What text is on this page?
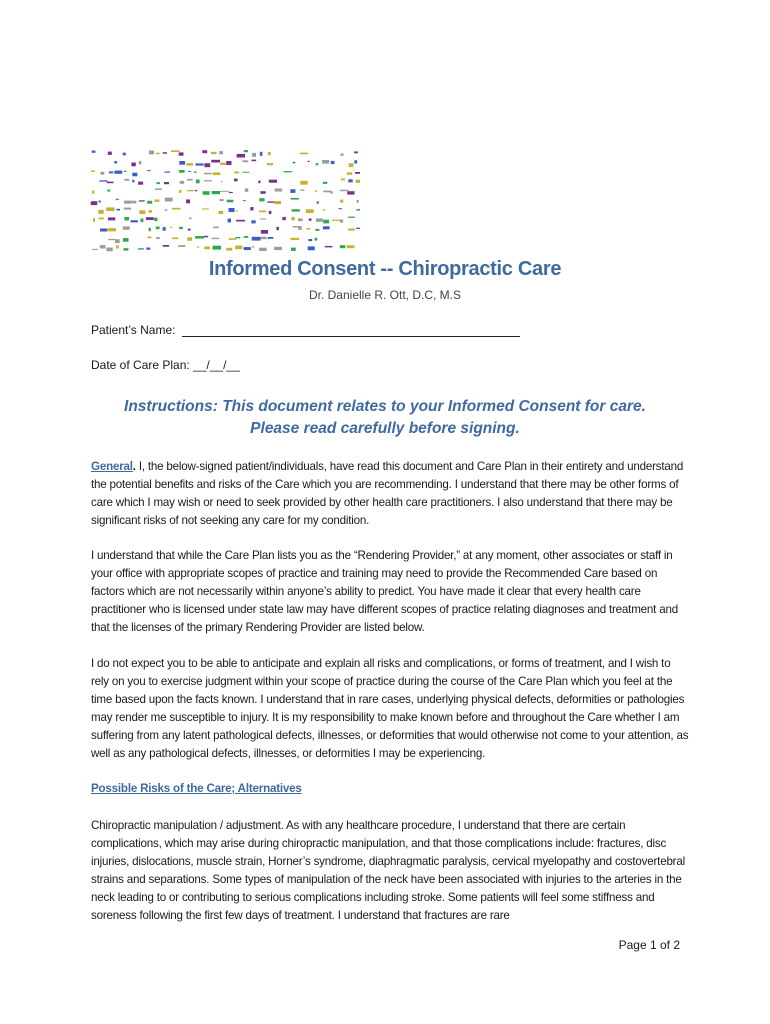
Informed Consent -- Chiropractic Care
Dr. Danielle R. Ott, D.C, M.S
Patient’s Name:
Date of Care Plan: __/__/__
Instructions: This document relates to your Informed Consent for care.
Please read carefully before signing.

General. I, the below-signed patient/individuals, have read this document and Care Plan in their entirety and understand the potential benefits and risks of the Care which you are recommending. I understand that there may be other forms of care which I may wish or need to seek provided by other health care practitioners. I also understand that there may be significant risks of not seeking any care for my condition.

I understand that while the Care Plan lists you as the “Rendering Provider,” at any moment, other associates or staff in your office with appropriate scopes of practice and training may need to provide the Recommended Care based on factors which are not necessarily within anyone’s ability to predict. You have made it clear that every health care practitioner who is licensed under state law may have different scopes of practice relating diagnoses and treatment and that the licenses of the primary Rendering Provider are listed below.

I do not expect you to be able to anticipate and explain all risks and complications, or forms of treatment, and I wish to rely on you to exercise judgment within your scope of practice during the course of the Care Plan which you feel at the time based upon the facts known. I understand that in rare cases, underlying physical defects, deformities or pathologies may render me susceptible to injury. It is my responsibility to make known before and throughout the Care whether I am suffering from any latent pathological defects, illnesses, or deformities that would otherwise not come to your attention, as well as any pathological defects, illnesses, or deformities I may be experiencing.

Possible Risks of the Care; Alternatives

Chiropractic manipulation / adjustment. As with any healthcare procedure, I understand that there are certain complications, which may arise during chiropractic manipulation, and that those complications include: fractures, disc injuries, dislocations, muscle strain, Horner’s syndrome, diaphragmatic paralysis, cervical myelopathy and costovertebral strains and separations. Some types of manipulation of the neck have been associated with injuries to the arteries in the neck leading to or contributing to serious complications including stroke. Some patients will feel some stiffness and soreness following the first few days of treatment. I understand that fractures are rare

Page 1 of 2
